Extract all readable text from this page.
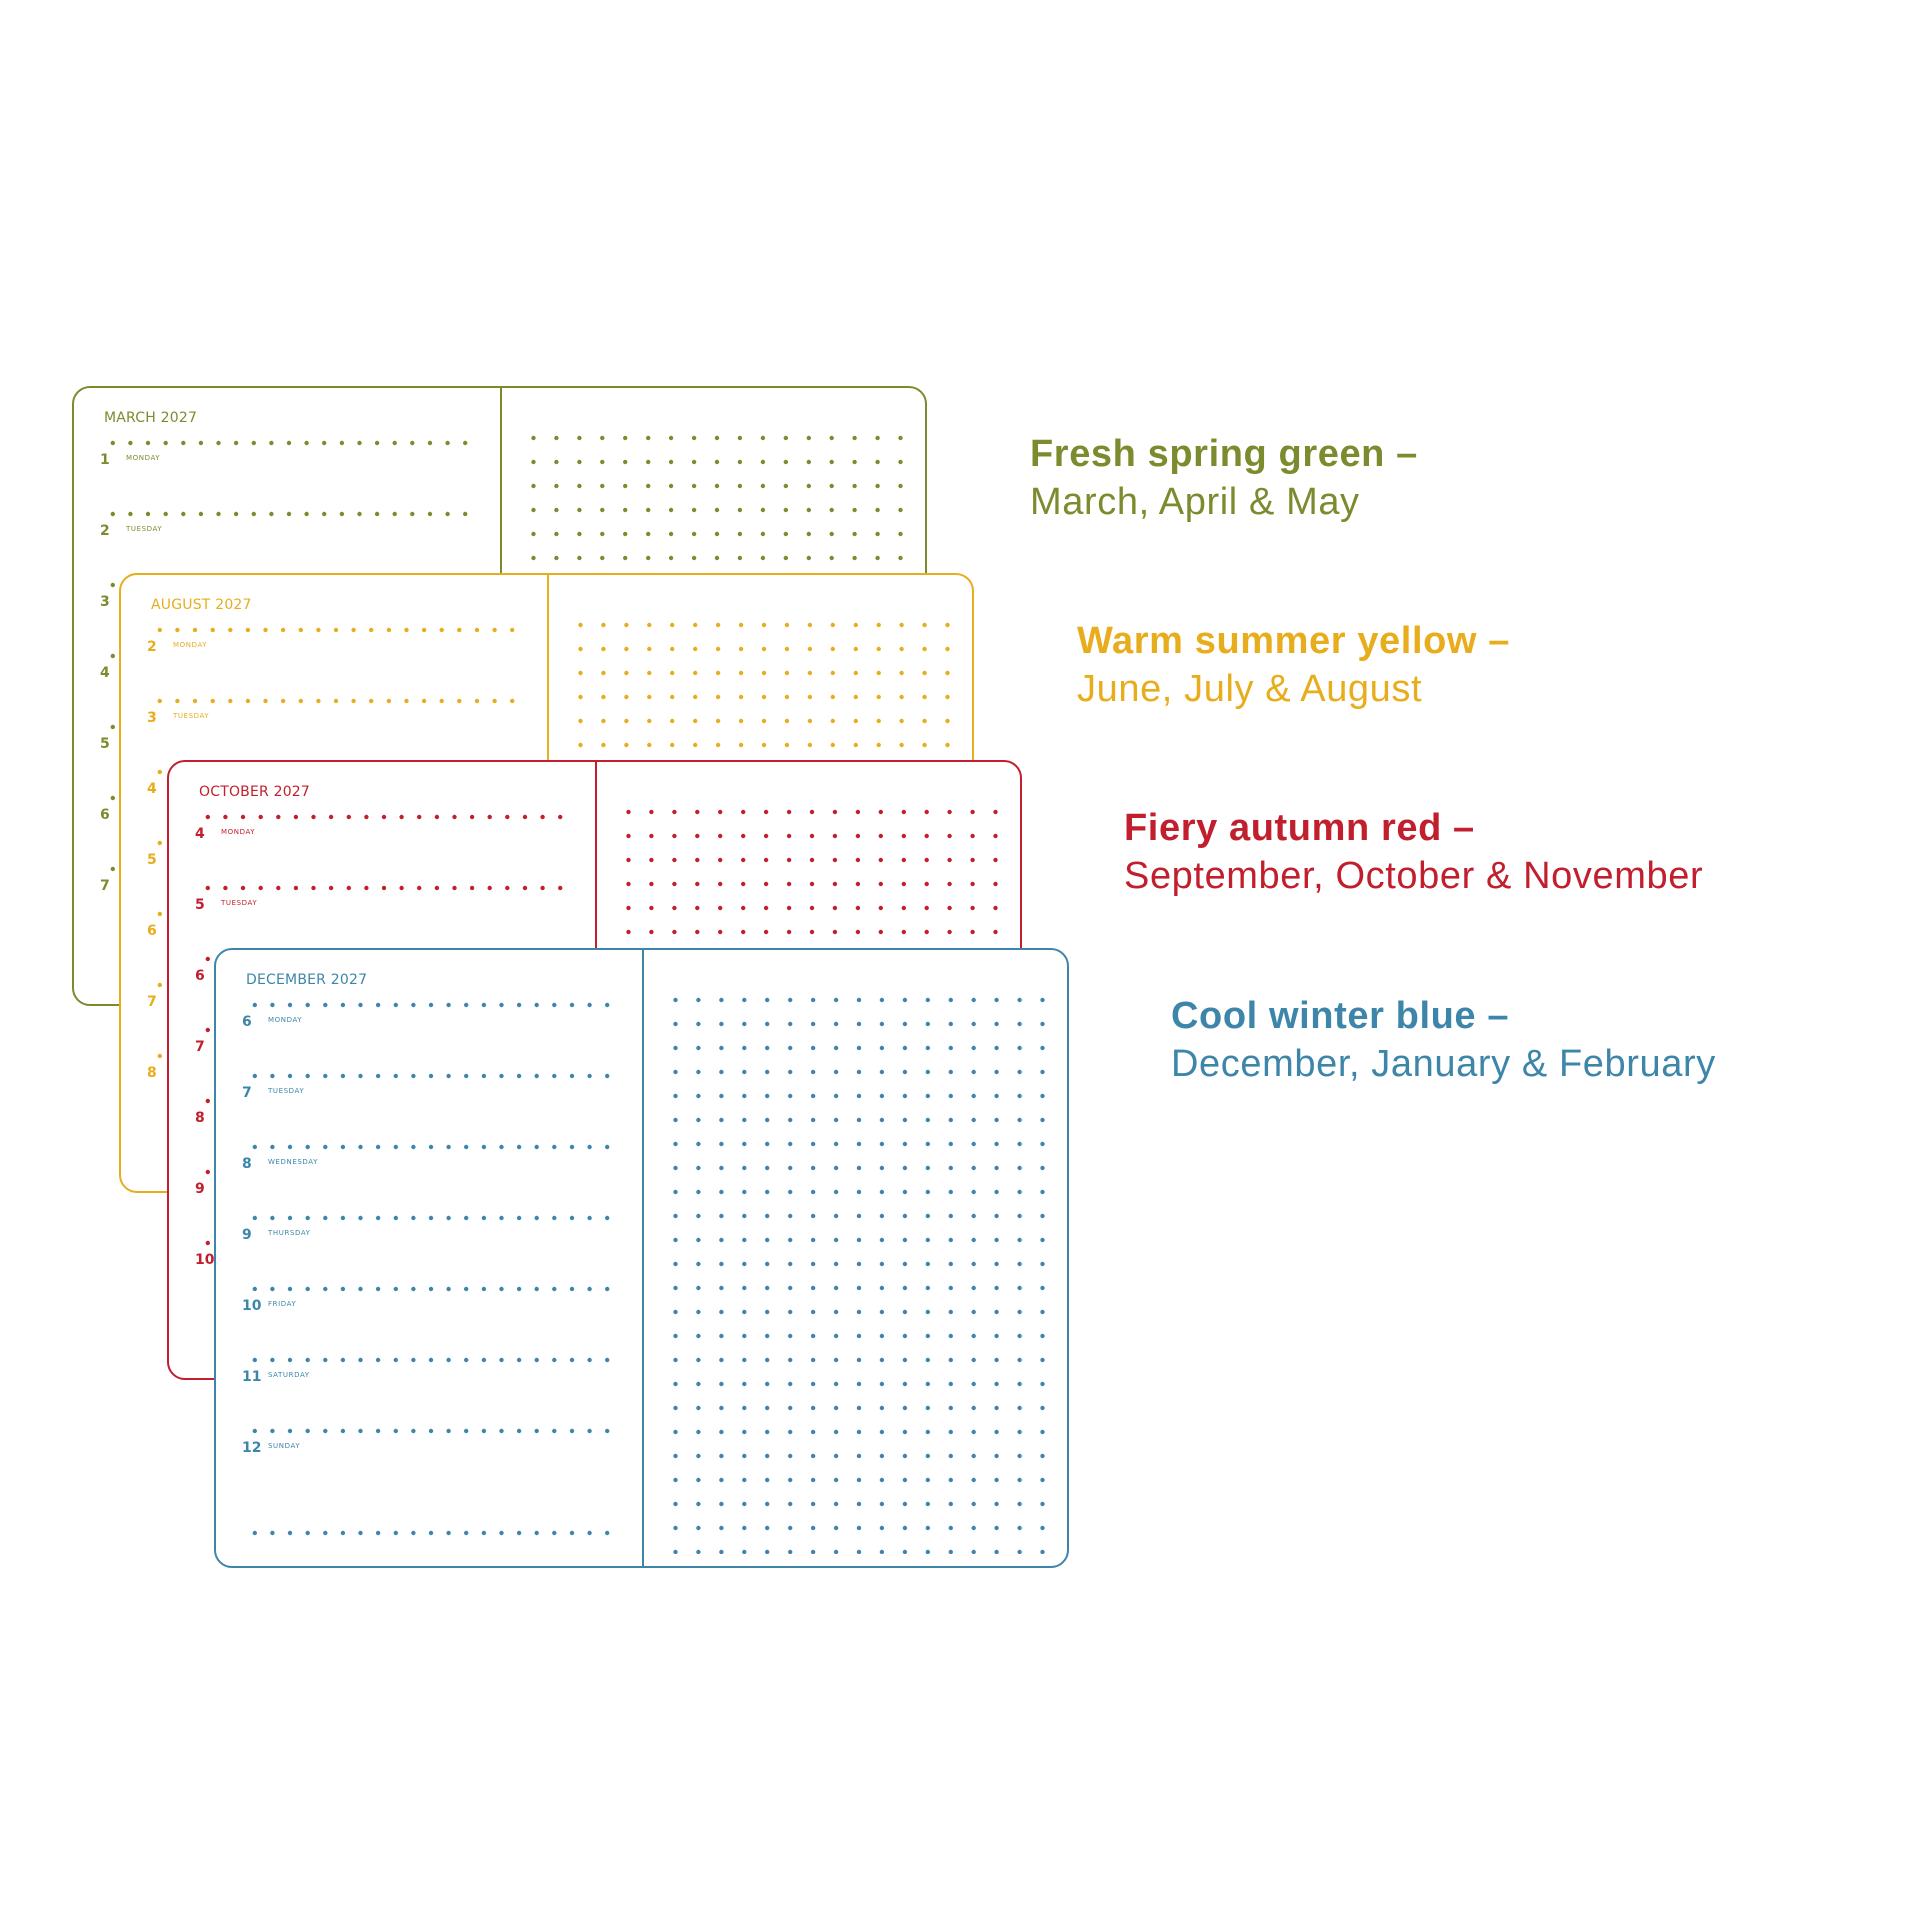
MARCH 2027
1 MONDAY
2 TUESDAY
3
4
5
6
7
AUGUST 2027
2 MONDAY
3 TUESDAY
4
5
6
7
8
OCTOBER 2027
4 MONDAY
5 TUESDAY
6
7
8
9
10
DECEMBER 2027
6 MONDAY
7 TUESDAY
8 WEDNESDAY
9 THURSDAY
10 FRIDAY
11 SATURDAY
12 SUNDAY
Fresh spring green –
March, April & May
Warm summer yellow –
June, July & August
Fiery autumn red –
September, October & November
Cool winter blue –
December, January & February
